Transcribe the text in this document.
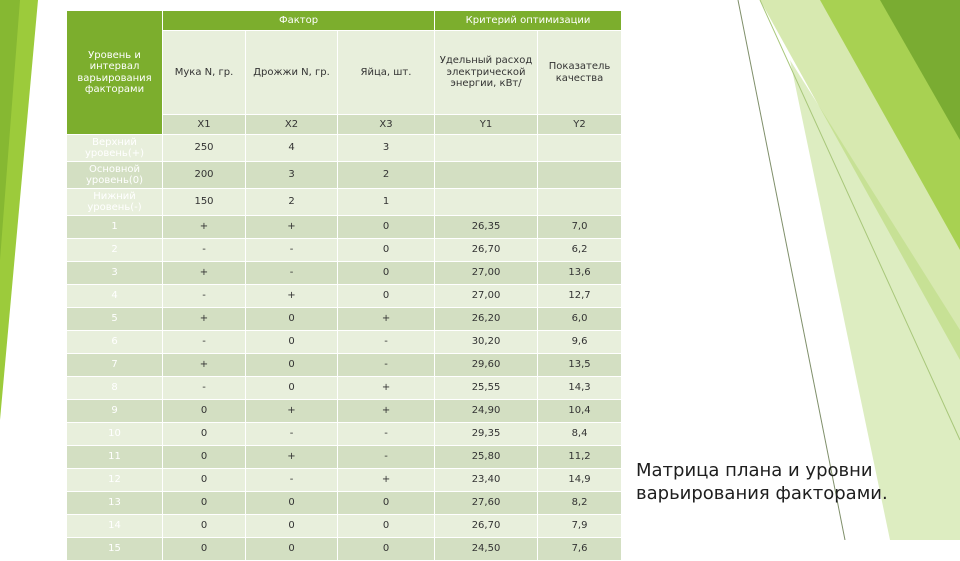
Уровень и интервал варьирования факторами	Фактор			Критерий оптимизации	
	Мука N, гр.	Дрожжи N, гр.	Яйца, шт.	Удельный расход электрической энергии, кВт/	Показатель качества
	X1	X2	X3	Y1	Y2
Верхний уровень(+)	250	4	3		
Основной уровень(0)	200	3	2		
Нижний уровень(-)	150	2	1		
1	+	+	0	26,35	7,0
2	-	-	0	26,70	6,2
3	+	-	0	27,00	13,6
4	-	+	0	27,00	12,7
5	+	0	+	26,20	6,0
6	-	0	-	30,20	9,6
7	+	0	-	29,60	13,5
8	-	0	+	25,55	14,3
9	0	+	+	24,90	10,4
10	0	-	-	29,35	8,4
11	0	+	-	25,80	11,2
12	0	-	+	23,40	14,9
13	0	0	0	27,60	8,2
14	0	0	0	26,70	7,9
15	0	0	0	24,50	7,6
Матрица плана и уровни варьирования факторами.
